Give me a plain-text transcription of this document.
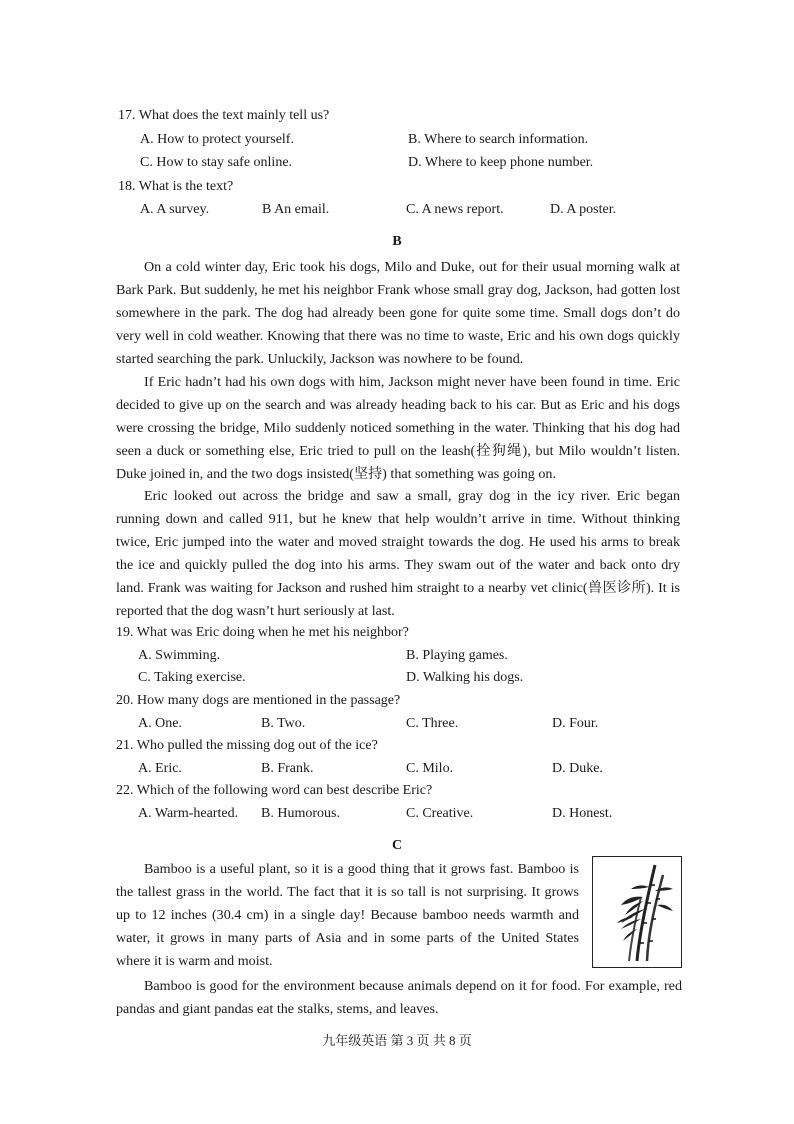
17. What does the text mainly tell us?
A. How to protect yourself.	B. Where to search information.
C. How to stay safe online.	D. Where to keep phone number.
18. What is the text?
A. A survey.	B An email.	C. A news report.	D. A poster.
B
On a cold winter day, Eric took his dogs, Milo and Duke, out for their usual morning walk at Bark Park. But suddenly, he met his neighbor Frank whose small gray dog, Jackson, had gotten lost somewhere in the park. The dog had already been gone for quite some time. Small dogs don’t do very well in cold weather. Knowing that there was no time to waste, Eric and his own dogs quickly started searching the park. Unluckily, Jackson was nowhere to be found.
If Eric hadn’t had his own dogs with him, Jackson might never have been found in time. Eric decided to give up on the search and was already heading back to his car. But as Eric and his dogs were crossing the bridge, Milo suddenly noticed something in the water. Thinking that his dog had seen a duck or something else, Eric tried to pull on the leash(拴狗绳), but Milo wouldn’t listen. Duke joined in, and the two dogs insisted(坚持) that something was going on.
Eric looked out across the bridge and saw a small, gray dog in the icy river. Eric began running down and called 911, but he knew that help wouldn’t arrive in time. Without thinking twice, Eric jumped into the water and moved straight towards the dog. He used his arms to break the ice and quickly pulled the dog into his arms. They swam out of the water and back onto dry land. Frank was waiting for Jackson and rushed him straight to a nearby vet clinic(兽医诊所). It is reported that the dog wasn’t hurt seriously at last.
19. What was Eric doing when he met his neighbor?
A. Swimming.	B. Playing games.
C. Taking exercise.	D. Walking his dogs.
20. How many dogs are mentioned in the passage?
A. One.	B. Two.	C. Three.	D. Four.
21. Who pulled the missing dog out of the ice?
A. Eric.	B. Frank.	C. Milo.	D. Duke.
22. Which of the following word can best describe Eric?
A. Warm-hearted. B. Humorous.	C. Creative.	D. Honest.
C
Bamboo is a useful plant, so it is a good thing that it grows fast. Bamboo is the tallest grass in the world. The fact that it is so tall is not surprising. It grows up to 12 inches (30.4 cm) in a single day! Because bamboo needs warmth and water, it grows in many parts of Asia and in some parts of the United States where it is warm and moist.
Bamboo is good for the environment because animals depend on it for food. For example, red pandas and giant pandas eat the stalks, stems, and leaves.
九年级英语 第 3 页 共 8 页
